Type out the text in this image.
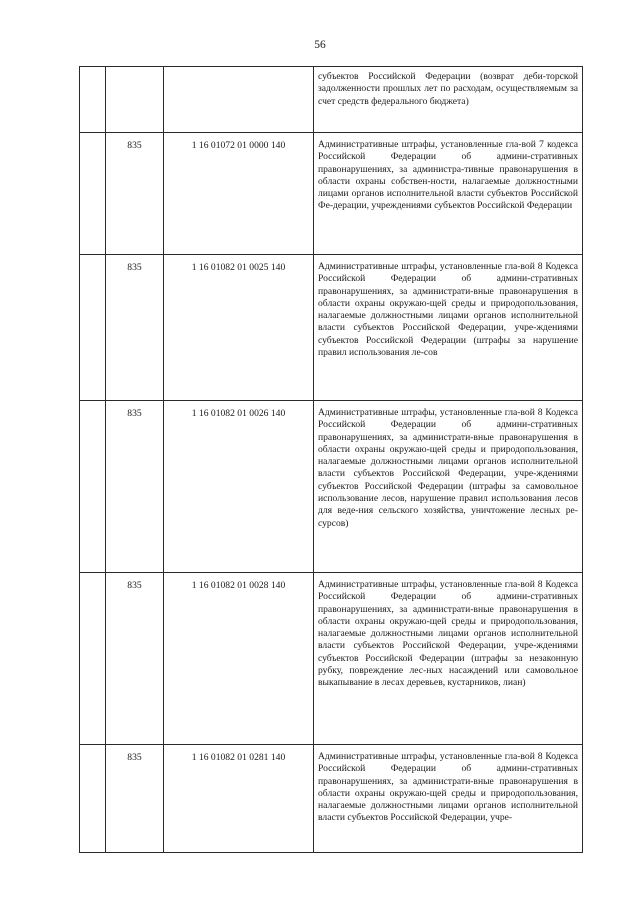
56
			субъектов Российской Федерации (возврат деби-торской задолженности прошлых лет по расходам, осуществляемым за счет средств федерального бюджета)
	835	1 16 01072 01 0000 140	Административные штрафы, установленные гла-вой 7 кодекса Российской Федерации об админи-стративных правонарушениях, за администра-тивные правонарушения в области охраны собствен-ности, налагаемые должностными лицами органов исполнительной власти субъектов Российской Фе-дерации, учреждениями субъектов Российской Федерации
	835	1 16 01082 01 0025 140	Административные штрафы, установленные гла-вой 8 Кодекса Российской Федерации об админи-стративных правонарушениях, за администрати-вные правонарушения в области охраны окружаю-щей среды и природопользования, налагаемые должностными лицами органов исполнительной власти субъектов Российской Федерации, учре-ждениями субъектов Российской Федерации (штрафы за нарушение правил использования ле-сов
	835	1 16 01082 01 0026 140	Административные штрафы, установленные гла-вой 8 Кодекса Российской Федерации об админи-стративных правонарушениях, за администрати-вные правонарушения в области охраны окружаю-щей среды и природопользования, налагаемые должностными лицами органов исполнительной власти субъектов Российской Федерации, учре-ждениями субъектов Российской Федерации (штрафы за самовольное использование лесов, нарушение правил использования лесов для веде-ния сельского хозяйства, уничтожение лесных ре-сурсов)
	835	1 16 01082 01 0028 140	Административные штрафы, установленные гла-вой 8 Кодекса Российской Федерации об админи-стративных правонарушениях, за администрати-вные правонарушения в области охраны окружаю-щей среды и природопользования, налагаемые должностными лицами органов исполнительной власти субъектов Российской Федерации, учре-ждениями субъектов Российской Федерации (штрафы за незаконную рубку, повреждение лес-ных насаждений или самовольное выкапывание в лесах деревьев, кустарников, лиан)
	835	1 16 01082 01 0281 140	Административные штрафы, установленные гла-вой 8 Кодекса Российской Федерации об админи-стративных правонарушениях, за администрати-вные правонарушения в области охраны окружаю-щей среды и природопользования, налагаемые должностными лицами органов исполнительной власти субъектов Российской Федерации, учре-
